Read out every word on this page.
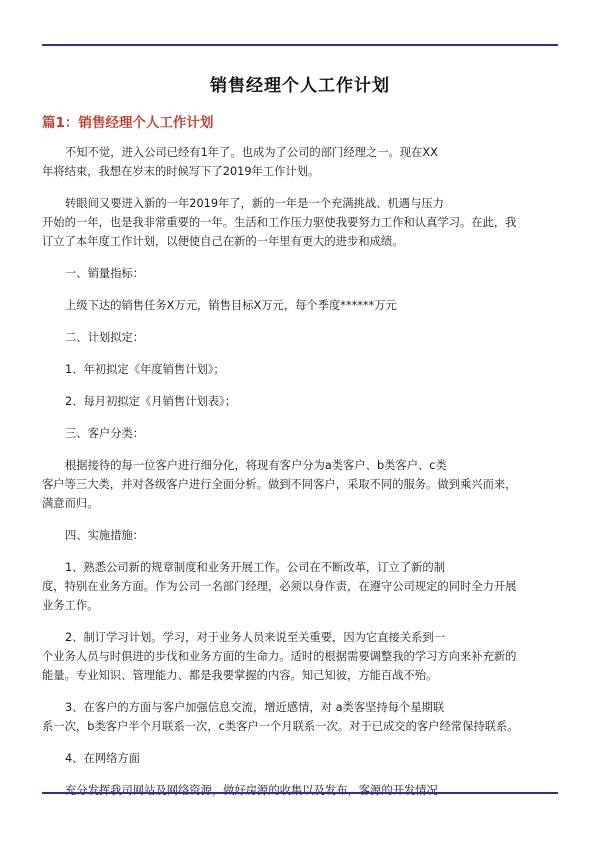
销售经理个人工作计划
篇1：销售经理个人工作计划

不知不觉，进入公司已经有1年了。也成为了公司的部门经理之一。现在XX
年将结束，我想在岁末的时候写下了2019年工作计划。

转眼间又要进入新的一年2019年了，新的一年是一个充满挑战、机遇与压力
开始的一年，也是我非常重要的一年。生活和工作压力驱使我要努力工作和认真学习。在此，我
订立了本年度工作计划，以便使自己在新的一年里有更大的进步和成绩。

一、销量指标：

上级下达的销售任务X万元，销售目标X万元，每个季度******万元

二、计划拟定：

1、年初拟定《年度销售计划》；

2、每月初拟定《月销售计划表》；

三、客户分类：

根据接待的每一位客户进行细分化，将现有客户分为a类客户、b类客户、c类
客户等三大类，并对各级客户进行全面分析。做到不同客户，采取不同的服务。做到乘兴而来，
满意而归。

四、实施措施：

1、熟悉公司新的规章制度和业务开展工作。公司在不断改革，订立了新的制
度，特别在业务方面。作为公司一名部门经理，必须以身作责，在遵守公司规定的同时全力开展
业务工作。

2、制订学习计划。学习，对于业务人员来说至关重要，因为它直接关系到一
个业务人员与时俱进的步伐和业务方面的生命力。适时的根据需要调整我的学习方向来补充新的
能量。专业知识、管理能力、都是我要掌握的内容。知己知彼，方能百战不殆。

3、在客户的方面与客户加强信息交流，增近感情，对 a类客坚持每个星期联
系一次，b类客户半个月联系一次，c类客户一个月联系一次。对于已成交的客户经常保持联系。

4、在网络方面

充分发挥我司网站及网络资源，做好房源的收集以及发布，客源的开发情况
